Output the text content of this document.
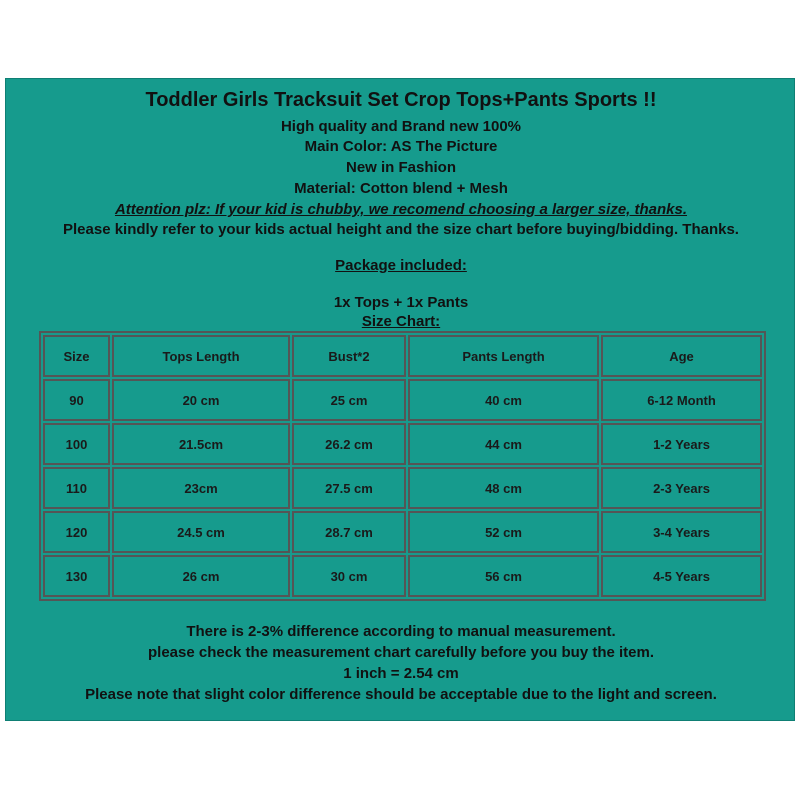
Toddler Girls Tracksuit Set Crop Tops+Pants Sports !!
High quality and Brand new 100%
Main Color: AS The Picture
New in Fashion
Material: Cotton blend + Mesh
Attention plz: If your kid is chubby, we recomend choosing a larger size, thanks.
Please kindly refer to your kids actual height and the size chart before buying/bidding. Thanks.
Package included:
1x Tops + 1x Pants
Size Chart:
Size	Tops Length	Bust*2	Pants Length	Age
90	20 cm	25 cm	40 cm	6-12 Month
100	21.5cm	26.2 cm	44 cm	1-2 Years
110	23cm	27.5 cm	48 cm	2-3 Years
120	24.5 cm	28.7 cm	52 cm	3-4 Years
130	26 cm	30 cm	56 cm	4-5 Years
There is 2-3% difference according to manual measurement.
please check the measurement chart carefully before you buy the item.
1 inch = 2.54 cm
Please note that slight color difference should be acceptable due to the light and screen.
